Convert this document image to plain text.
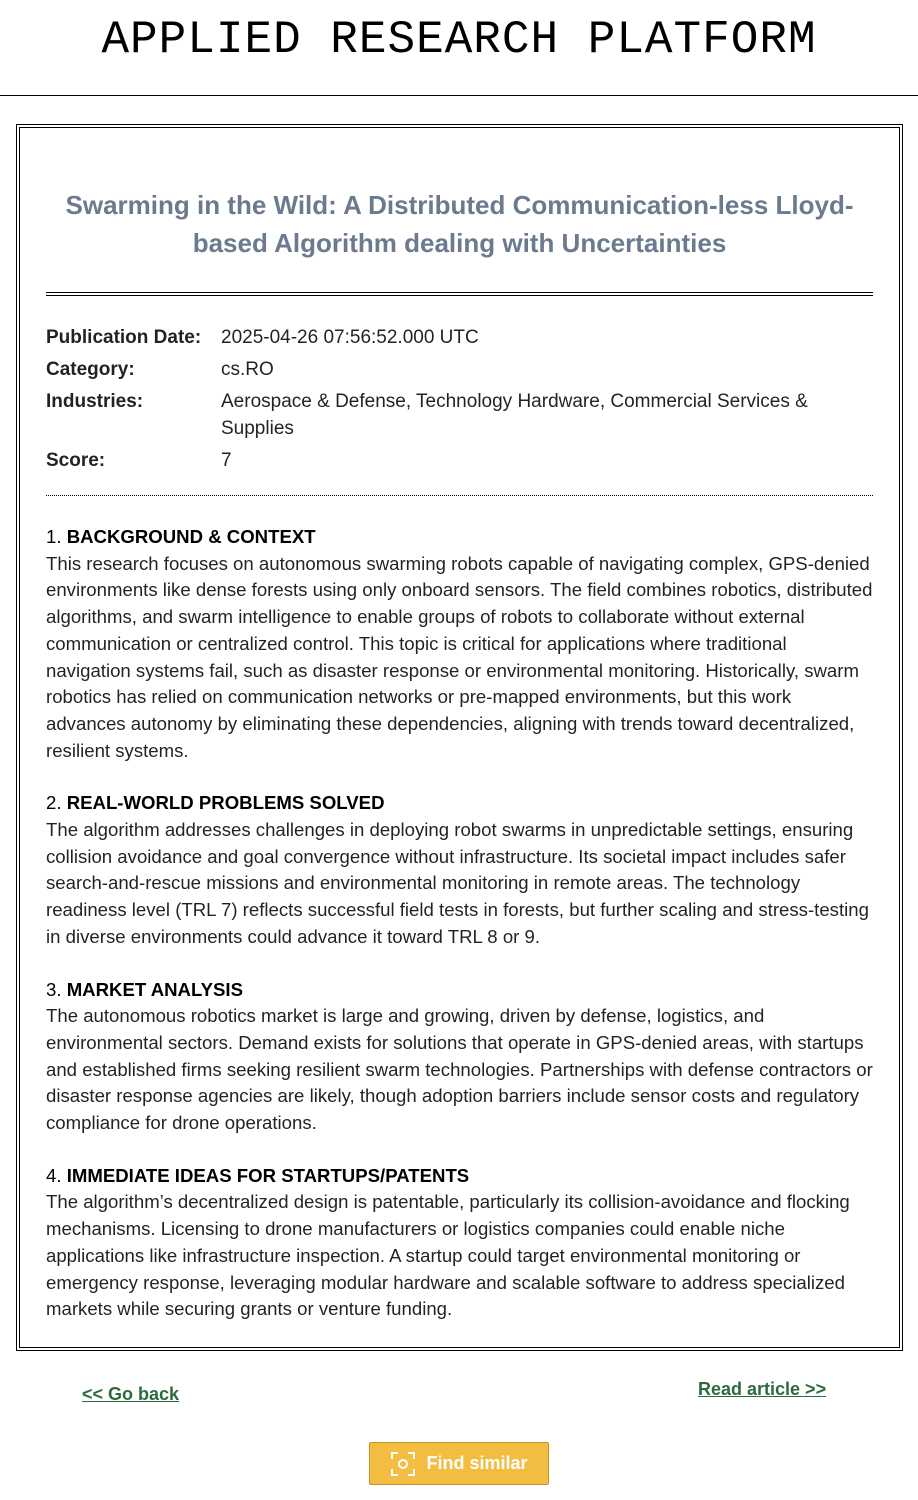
APPLIED RESEARCH PLATFORM
Swarming in the Wild: A Distributed Communication-less Lloyd-based Algorithm dealing with Uncertainties
Publication Date:	2025-04-26 07:56:52.000 UTC
Category:	cs.RO
Industries:	Aerospace & Defense, Technology Hardware, Commercial Services & Supplies
Score:	7
1. BACKGROUND & CONTEXT

This research focuses on autonomous swarming robots capable of navigating complex, GPS-denied environments like dense forests using only onboard sensors. The field combines robotics, distributed algorithms, and swarm intelligence to enable groups of robots to collaborate without external communication or centralized control. This topic is critical for applications where traditional navigation systems fail, such as disaster response or environmental monitoring. Historically, swarm robotics has relied on communication networks or pre-mapped environments, but this work advances autonomy by eliminating these dependencies, aligning with trends toward decentralized, resilient systems.

2. REAL-WORLD PROBLEMS SOLVED

The algorithm addresses challenges in deploying robot swarms in unpredictable settings, ensuring collision avoidance and goal convergence without infrastructure. Its societal impact includes safer search-and-rescue missions and environmental monitoring in remote areas. The technology readiness level (TRL 7) reflects successful field tests in forests, but further scaling and stress-testing in diverse environments could advance it toward TRL 8 or 9.

3. MARKET ANALYSIS

The autonomous robotics market is large and growing, driven by defense, logistics, and environmental sectors. Demand exists for solutions that operate in GPS-denied areas, with startups and established firms seeking resilient swarm technologies. Partnerships with defense contractors or disaster response agencies are likely, though adoption barriers include sensor costs and regulatory compliance for drone operations.

4. IMMEDIATE IDEAS FOR STARTUPS/PATENTS

The algorithm’s decentralized design is patentable, particularly its collision-avoidance and flocking mechanisms. Licensing to drone manufacturers or logistics companies could enable niche applications like infrastructure inspection. A startup could target environmental monitoring or emergency response, leveraging modular hardware and scalable software to address specialized markets while securing grants or venture funding.

<< Go back	Read article >>
Find similar
